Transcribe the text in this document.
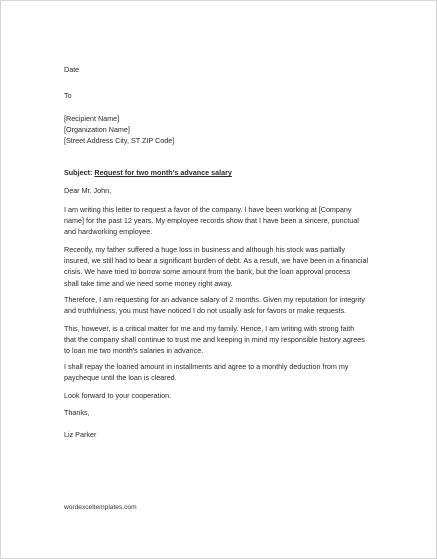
Date
To
[Recipient Name]
[Organization Name]
[Street Address City, ST ZIP Code]
Subject: Request for two month's advance salary
Dear Mr. John,
I am writing this letter to request a favor of the company. I have been working at [Company
name] for the past 12 years. My employee records show that I have been a sincere, punctual
and hardworking employee.
Recently, my father suffered a huge loss in business and although his stock was partially
insured, we still had to bear a significant burden of debt. As a result, we have been in a financial
crisis. We have tried to borrow some amount from the bank, but the loan approval process
shall take time and we need some money right away.
Therefore, I am requesting for an advance salary of 2 months. Given my reputation for integrity
and truthfulness, you must have noticed I do not usually ask for favors or make requests.
This, however, is a critical matter for me and my family. Hence, I am writing with strong faith
that the company shall continue to trust me and keeping in mind my responsible history agrees
to loan me two month's salaries in advance.
I shall repay the loaned amount in installments and agree to a monthly deduction from my
paycheque until the loan is cleared.
Look forward to your cooperation.
Thanks,
Liz Parker
wordexceltemplates.com
